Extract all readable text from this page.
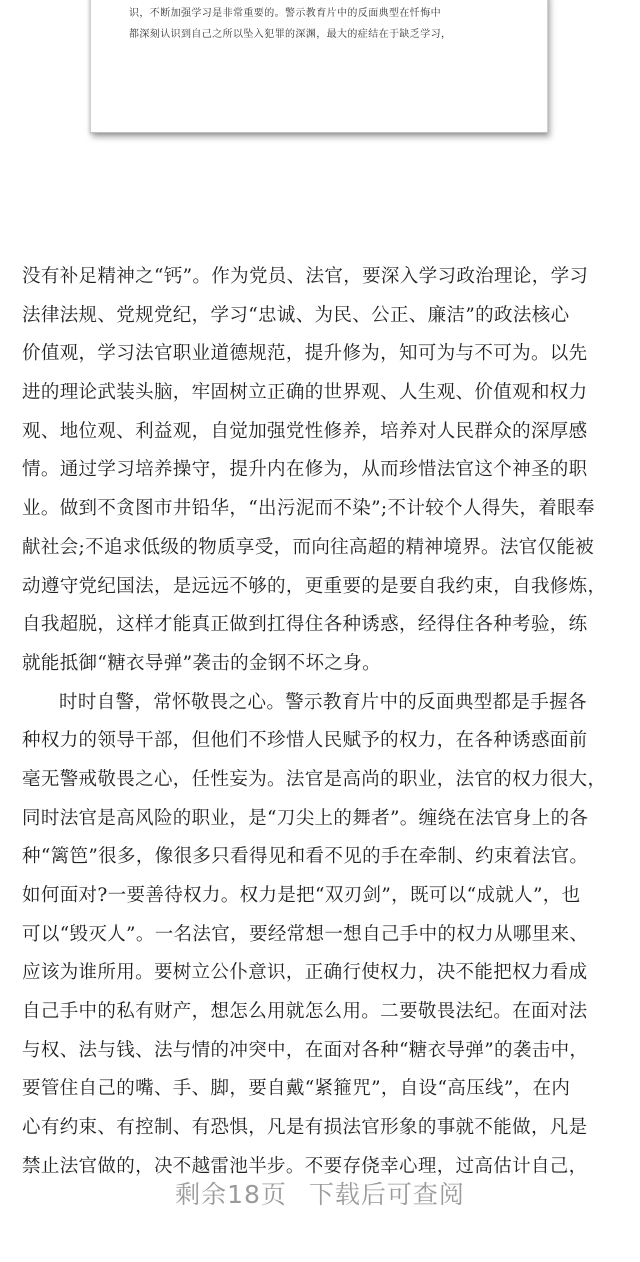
识，不断加强学习是非常重要的。警示教育片中的反面典型在忏悔中
都深刻认识到自己之所以坠入犯罪的深渊，最大的症结在于缺乏学习，
没有补足精神之“钙”。作为党员、法官，要深入学习政治理论，学习
法律法规、党规党纪，学习“忠诚、为民、公正、廉洁”的政法核心
价值观，学习法官职业道德规范，提升修为，知可为与不可为。以先
进的理论武装头脑，牢固树立正确的世界观、人生观、价值观和权力
观、地位观、利益观，自觉加强党性修养，培养对人民群众的深厚感
情。通过学习培养操守，提升内在修为，从而珍惜法官这个神圣的职
业。做到不贪图市井铅华，“出污泥而不染”;不计较个人得失，着眼奉
献社会;不追求低级的物质享受，而向往高超的精神境界。法官仅能被
动遵守党纪国法，是远远不够的，更重要的是要自我约束，自我修炼，
自我超脱，这样才能真正做到扛得住各种诱惑，经得住各种考验，练
就能抵御“糖衣导弹”袭击的金钢不坏之身。
时时自警，常怀敬畏之心。警示教育片中的反面典型都是手握各
种权力的领导干部，但他们不珍惜人民赋予的权力，在各种诱惑面前
毫无警戒敬畏之心，任性妄为。法官是高尚的职业，法官的权力很大，
同时法官是高风险的职业，是“刀尖上的舞者”。缠绕在法官身上的各
种“篱笆”很多，像很多只看得见和看不见的手在牵制、约束着法官。
如何面对?一要善待权力。权力是把“双刃剑”，既可以“成就人”，也
可以“毁灭人”。一名法官，要经常想一想自己手中的权力从哪里来、
应该为谁所用。要树立公仆意识，正确行使权力，决不能把权力看成
自己手中的私有财产，想怎么用就怎么用。二要敬畏法纪。在面对法
与权、法与钱、法与情的冲突中，在面对各种“糖衣导弹”的袭击中，
要管住自己的嘴、手、脚，要自戴“紧箍咒”，自设“高压线”，在内
心有约束、有控制、有恐惧，凡是有损法官形象的事就不能做，凡是
禁止法官做的，决不越雷池半步。不要存侥幸心理，过高估计自己，
剩余18页 下载后可查阅
